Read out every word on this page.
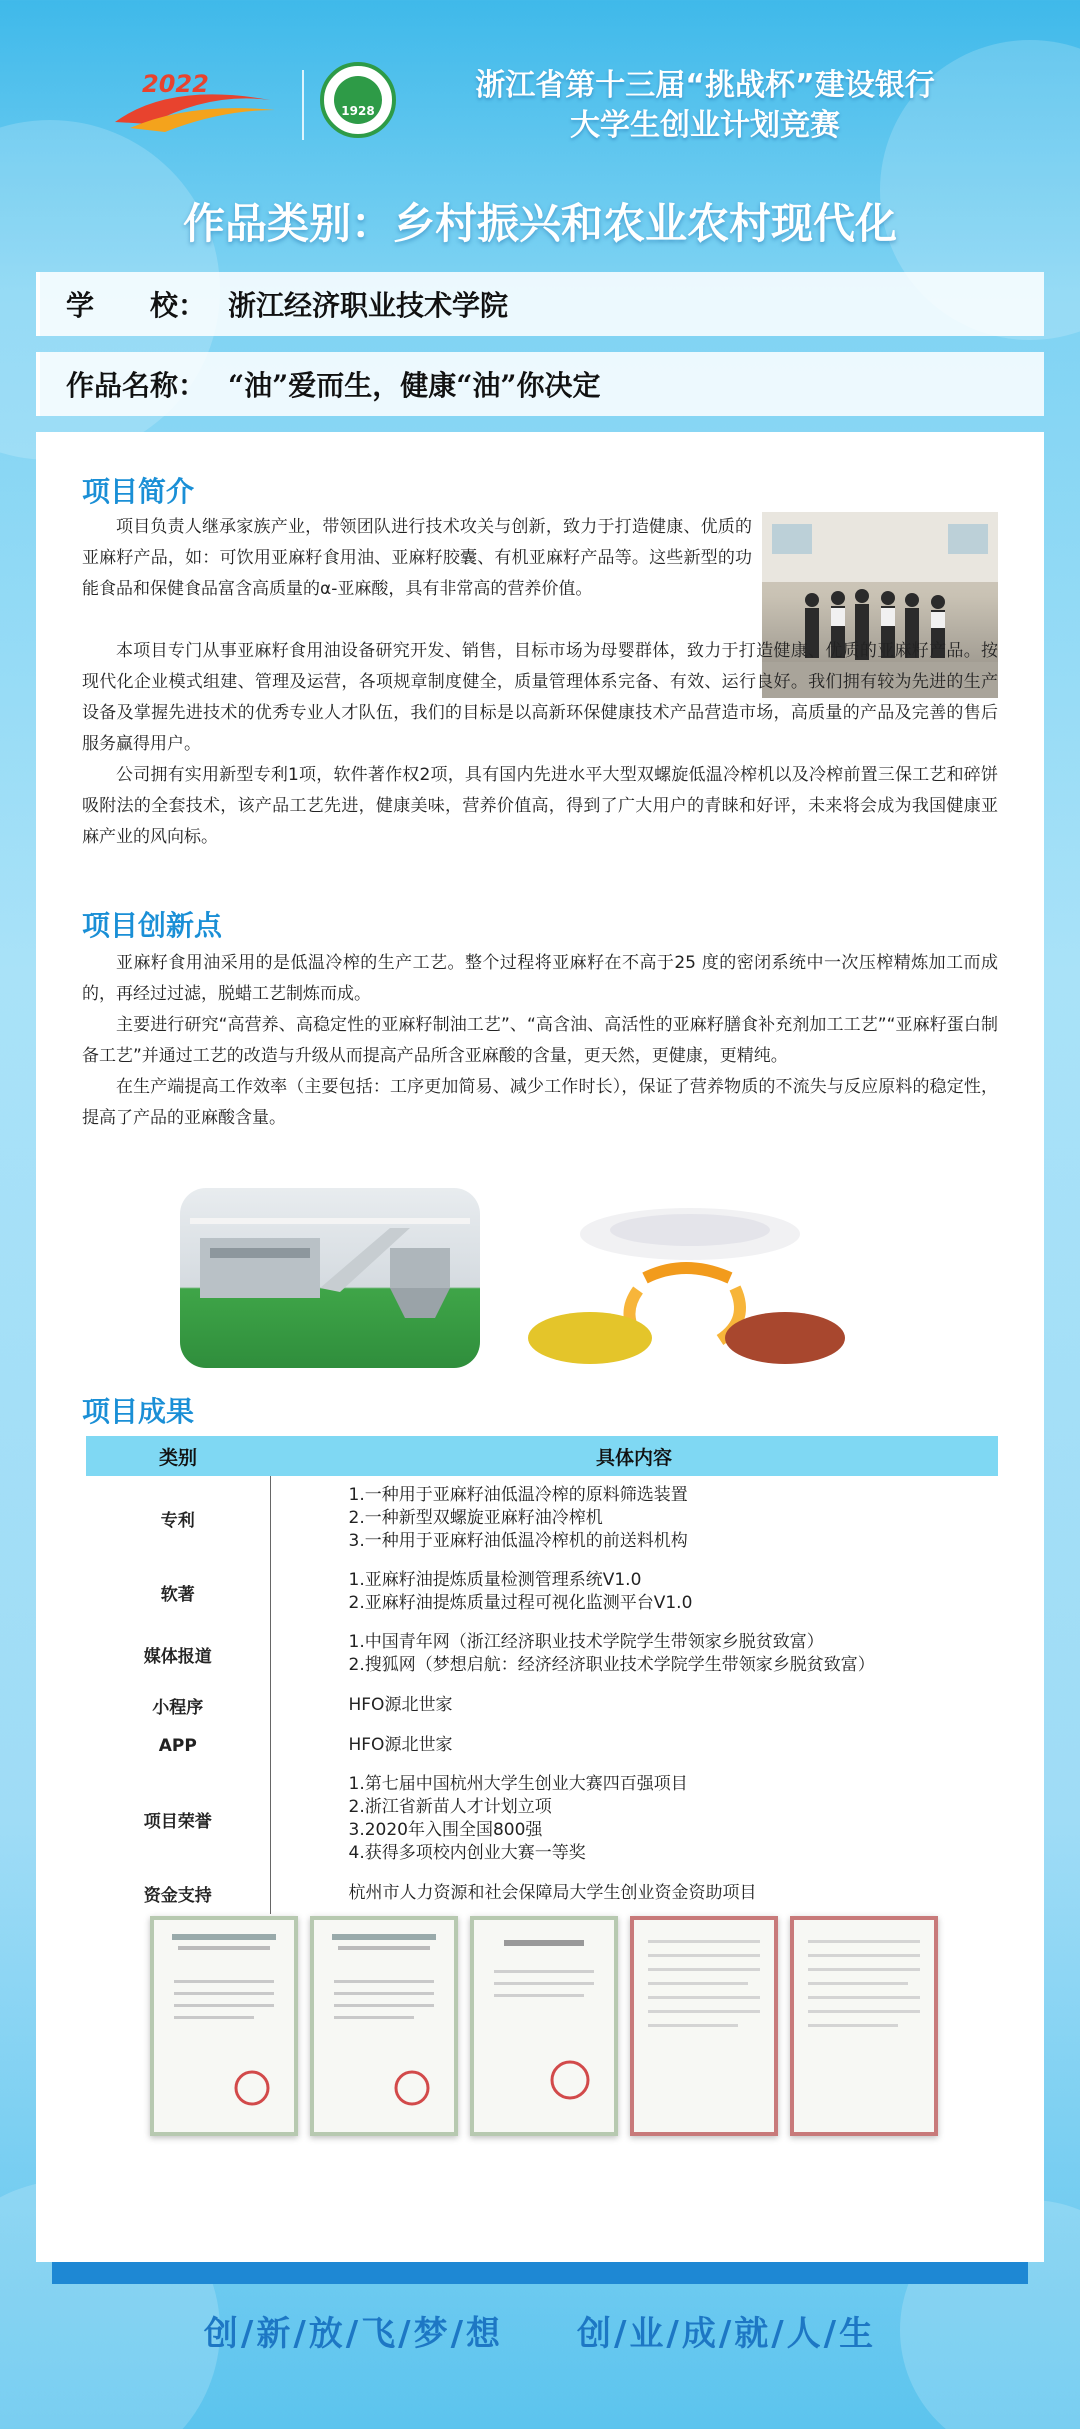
2022
1928
浙江省第十三届“挑战杯”建设银行
大学生创业计划竞赛
作品类别：乡村振兴和农业农村现代化
学　　校： 浙江经济职业技术学院
作品名称： “油”爱而生，健康“油”你决定
项目简介

项目负责人继承家族产业，带领团队进行技术攻关与创新，致力于打造健康、优质的亚麻籽产品，如：可饮用亚麻籽食用油、亚麻籽胶囊、有机亚麻籽产品等。这些新型的功能食品和保健食品富含高质量的α-亚麻酸，具有非常高的营养价值。

本项目专门从事亚麻籽食用油设备研究开发、销售，目标市场为母婴群体，致力于打造健康、优质的亚麻籽产品。按现代化企业模式组建、管理及运营，各项规章制度健全，质量管理体系完备、有效、运行良好。我们拥有较为先进的生产设备及掌握先进技术的优秀专业人才队伍，我们的目标是以高新环保健康技术产品营造市场，高质量的产品及完善的售后服务赢得用户。

公司拥有实用新型专利1项，软件著作权2项，具有国内先进水平大型双螺旋低温冷榨机以及冷榨前置三保工艺和碎饼吸附法的全套技术，该产品工艺先进，健康美味，营养价值高，得到了广大用户的青睐和好评，未来将会成为我国健康亚麻产业的风向标。

项目创新点

亚麻籽食用油采用的是低温冷榨的生产工艺。整个过程将亚麻籽在不高于25 度的密闭系统中一次压榨精炼加工而成的，再经过过滤，脱蜡工艺制炼而成。

主要进行研究“高营养、高稳定性的亚麻籽制油工艺”、“高含油、高活性的亚麻籽膳食补充剂加工工艺”“亚麻籽蛋白制备工艺”并通过工艺的改造与升级从而提高产品所含亚麻酸的含量，更天然，更健康，更精纯。

在生产端提高工作效率（主要包括：工序更加简易、减少工作时长），保证了营养物质的不流失与反应原料的稳定性，提高了产品的亚麻酸含量。

项目成果
类别	具体内容
专利	1.一种用于亚麻籽油低温冷榨的原料筛选装置
2.一种新型双螺旋亚麻籽油冷榨机
3.一种用于亚麻籽油低温冷榨机的前送料机构

软著	1.亚麻籽油提炼质量检测管理系统V1.0
2.亚麻籽油提炼质量过程可视化监测平台V1.0

媒体报道	1.中国青年网（浙江经济职业技术学院学生带领家乡脱贫致富）
2.搜狐网（梦想启航：经济经济职业技术学院学生带领家乡脱贫致富）

小程序	HFO源北世家

APP	HFO源北世家

项目荣誉	1.第七届中国杭州大学生创业大赛四百强项目
2.浙江省新苗人才计划立项
3.2020年入围全国800强
4.获得多项校内创业大赛一等奖

资金支持	杭州市人力资源和社会保障局大学生创业资金资助项目
创/新/放/飞/梦/想　　创/业/成/就/人/生
